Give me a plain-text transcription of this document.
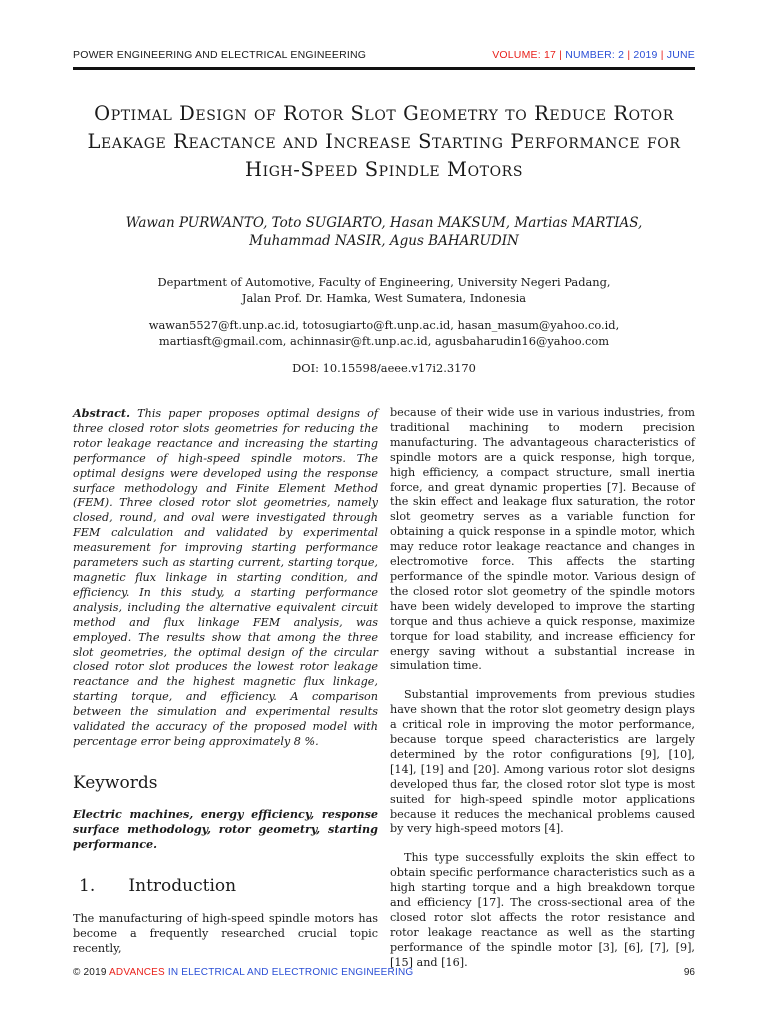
POWER ENGINEERING AND ELECTRICAL ENGINEERING	VOLUME: 17 | NUMBER: 2 | 2019 | JUNE
Optimal Design of Rotor Slot Geometry to Reduce Rotor Leakage Reactance and Increase Starting Performance for High-Speed Spindle Motors
Wawan PURWANTO, Toto SUGIARTO, Hasan MAKSUM, Martias MARTIAS,
Muhammad NASIR, Agus BAHARUDIN
Department of Automotive, Faculty of Engineering, University Negeri Padang,
Jalan Prof. Dr. Hamka, West Sumatera, Indonesia
wawan5527@ft.unp.ac.id, totosugiarto@ft.unp.ac.id, hasan_masum@yahoo.co.id,
martiasft@gmail.com, achinnasir@ft.unp.ac.id, agusbaharudin16@yahoo.com
DOI: 10.15598/aeee.v17i2.3170
Abstract. This paper proposes optimal designs of three closed rotor slots geometries for reducing the rotor leakage reactance and increasing the starting performance of high-speed spindle motors. The optimal designs were developed using the response surface methodology and Finite Element Method (FEM). Three closed rotor slot geometries, namely closed, round, and oval were investigated through FEM calculation and validated by experimental measurement for improving starting performance parameters such as starting current, starting torque, magnetic flux linkage in starting condition, and efficiency. In this study, a starting performance analysis, including the alternative equivalent circuit method and flux linkage FEM analysis, was employed. The results show that among the three slot geometries, the optimal design of the circular closed rotor slot produces the lowest rotor leakage reactance and the highest magnetic flux linkage, starting torque, and efficiency. A comparison between the simulation and experimental results validated the accuracy of the proposed model with percentage error being approximately 8 %.
Keywords
Electric machines, energy efficiency, response surface methodology, rotor geometry, starting performance.
1. Introduction
The manufacturing of high-speed spindle motors has become a frequently researched crucial topic recently,
because of their wide use in various industries, from traditional machining to modern precision manufacturing. The advantageous characteristics of spindle motors are a quick response, high torque, high efficiency, a compact structure, small inertia force, and great dynamic properties [7]. Because of the skin effect and leakage flux saturation, the rotor slot geometry serves as a variable function for obtaining a quick response in a spindle motor, which may reduce rotor leakage reactance and changes in electromotive force. This affects the starting performance of the spindle motor. Various design of the closed rotor slot geometry of the spindle motors have been widely developed to improve the starting torque and thus achieve a quick response, maximize torque for load stability, and increase efficiency for energy saving without a substantial increase in simulation time.
Substantial improvements from previous studies have shown that the rotor slot geometry design plays a critical role in improving the motor performance, because torque speed characteristics are largely determined by the rotor configurations [9], [10], [14], [19] and [20]. Among various rotor slot designs developed thus far, the closed rotor slot type is most suited for high-speed spindle motor applications because it reduces the mechanical problems caused by very high-speed motors [4].
This type successfully exploits the skin effect to obtain specific performance characteristics such as a high starting torque and a high breakdown torque and efficiency [17]. The cross-sectional area of the closed rotor slot affects the rotor resistance and rotor leakage reactance as well as the starting performance of the spindle motor [3], [6], [7], [9], [15] and [16].
© 2019 ADVANCES IN ELECTRICAL AND ELECTRONIC ENGINEERING	96
